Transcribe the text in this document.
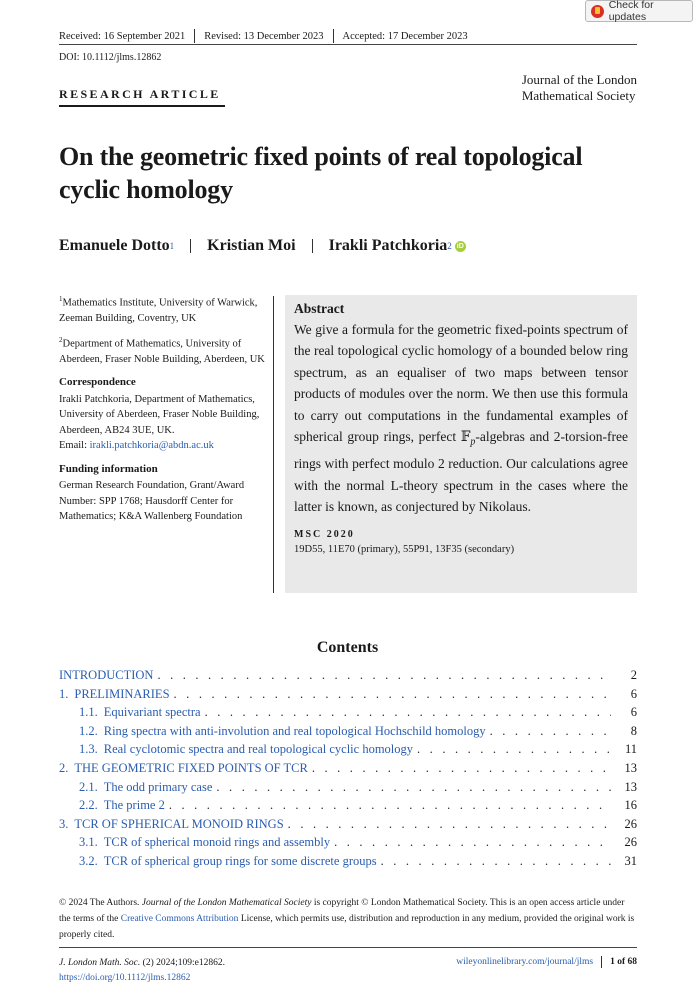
Check for updates
Received: 16 September 2021 Revised: 13 December 2023 Accepted: 17 December 2023
DOI: 10.1112/jlms.12862
RESEARCH ARTICLE
Journal of the London
Mathematical Society
On the geometric fixed points of real topological cyclic homology
Emanuele Dotto 1 Kristian Moi Irakli Patchkoria 2 iD

$^1$Mathematics Institute, University of Warwick, Zeeman Building, Coventry, UK

$^2$Department of Mathematics, University of Aberdeen, Fraser Noble Building, Aberdeen, UK

Correspondence

Irakli Patchkoria, Department of Mathematics, University of Aberdeen, Fraser Noble Building, Aberdeen, AB24 3UE, UK.
Email: irakli.patchkoria@abdn.ac.uk

Funding information

German Research Foundation, Grant/Award Number: SPP 1768; Hausdorff Center for Mathematics; K&A Wallenberg Foundation

Abstract
We give a formula for the geometric fixed-points spectrum of the real topological cyclic homology of a bounded below ring spectrum, as an equaliser of two maps between tensor products of modules over the norm. We then use this formula to carry out computations in the fundamental examples of spherical group rings, perfect 𝔽$_p$-algebras and 2-torsion-free rings with perfect modulo 2 reduction. Our calculations agree with the normal L-theory spectrum in the cases where the latter is known, as conjectured by Nikolaus.
MSC 2020
19D55, 11E70 (primary), 55P91, 13F35 (secondary)
Contents
INTRODUCTION . . .	2
1. PRELIMINARIES . . .	6
1.1. Equivariant spectra . . .	6
1.2. Ring spectra with anti-involution and real topological Hochschild homology . . .	8
1.3. Real cyclotomic spectra and real topological cyclic homology . . .	11
2. THE GEOMETRIC FIXED POINTS OF TCR . . .	13
2.1. The odd primary case . . .	13
2.2. The prime 2 . . .	16
3. TCR OF SPHERICAL MONOID RINGS . . .	26
3.1. TCR of spherical monoid rings and assembly . . .	26
3.2. TCR of spherical group rings for some discrete groups . . .	31
© 2024 The Authors. Journal of the London Mathematical Society is copyright © London Mathematical Society. This is an open access article under the terms of the Creative Commons Attribution License, which permits use, distribution and reproduction in any medium, provided the original work is properly cited.
J. London Math. Soc. (2) 2024;109:e12862.
https://doi.org/10.1112/jlms.12862
wileyonlinelibrary.com/journal/jlms 1 of 68
